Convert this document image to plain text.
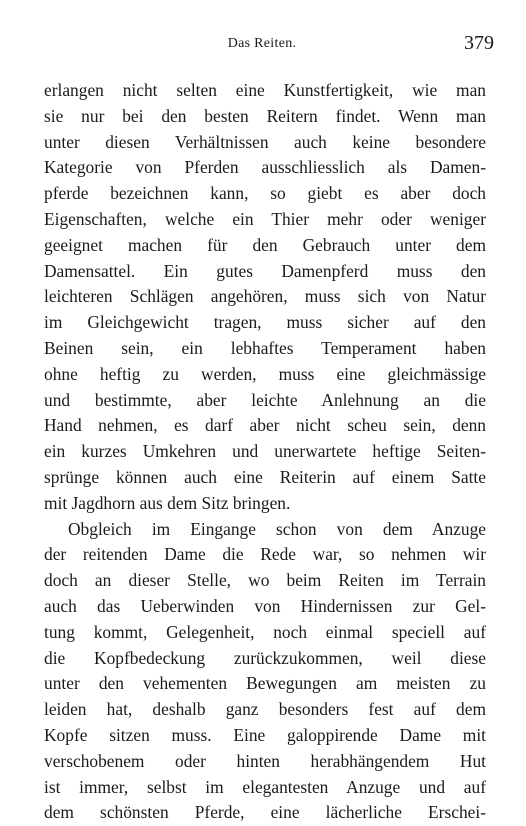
Das Reiten.	379
erlangen nicht selten eine Kunstfertigkeit, wie man
sie nur bei den besten Reitern findet. Wenn man
unter diesen Verhältnissen auch keine besondere
Kategorie von Pferden ausschliesslich als Damen-
pferde bezeichnen kann, so giebt es aber doch
Eigenschaften, welche ein Thier mehr oder weniger
geeignet machen für den Gebrauch unter dem
Damensattel. Ein gutes Damenpferd muss den
leichteren Schlägen angehören, muss sich von Natur
im Gleichgewicht tragen, muss sicher auf den
Beinen sein, ein lebhaftes Temperament haben
ohne heftig zu werden, muss eine gleichmässige
und bestimmte, aber leichte Anlehnung an die
Hand nehmen, es darf aber nicht scheu sein, denn
ein kurzes Umkehren und unerwartete heftige Seiten-
sprünge können auch eine Reiterin auf einem Satte
mit Jagdhorn aus dem Sitz bringen.
Obgleich im Eingange schon von dem Anzuge
der reitenden Dame die Rede war, so nehmen wir
doch an dieser Stelle, wo beim Reiten im Terrain
auch das Ueberwinden von Hindernissen zur Gel-
tung kommt, Gelegenheit, noch einmal speciell auf
die Kopfbedeckung zurückzukommen, weil diese
unter den vehementen Bewegungen am meisten zu
leiden hat, deshalb ganz besonders fest auf dem
Kopfe sitzen muss. Eine galoppirende Dame mit
verschobenem oder hinten herabhängendem Hut
ist immer, selbst im elegantesten Anzuge und auf
dem schönsten Pferde, eine lächerliche Erschei-
